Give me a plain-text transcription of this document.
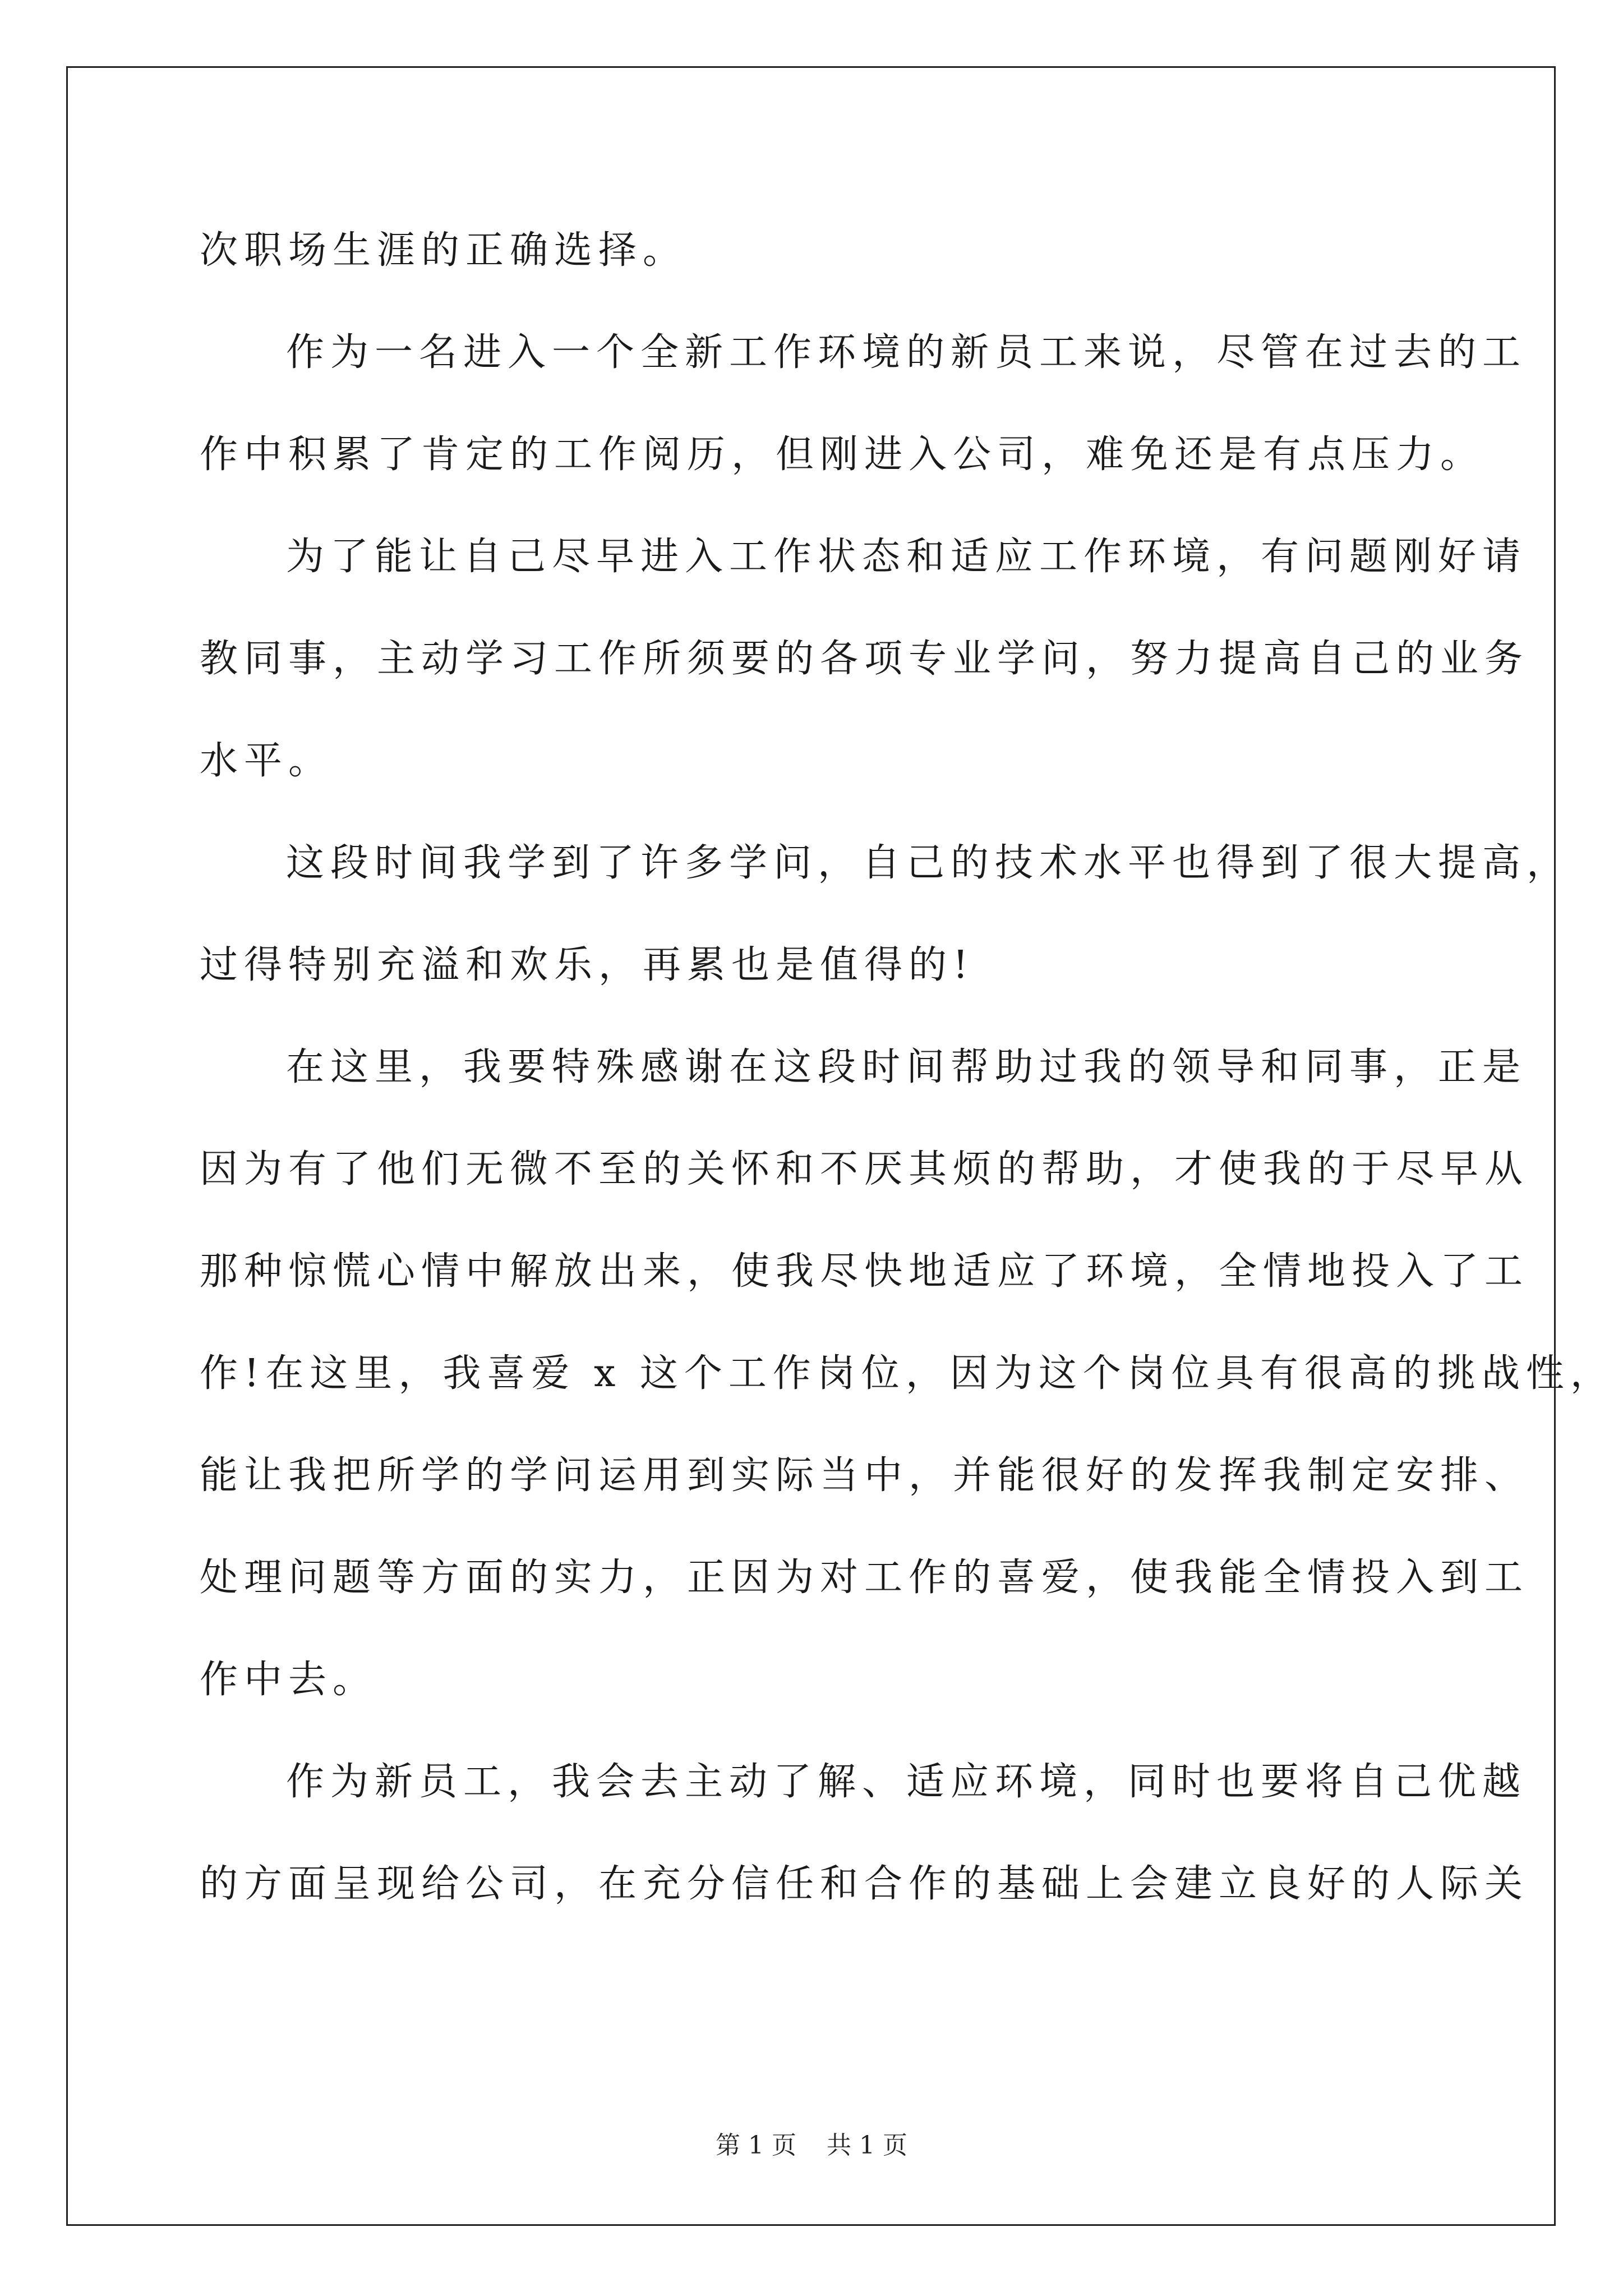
次职场生涯的正确选择。
作为一名进入一个全新工作环境的新员工来说，尽管在过去的工
作中积累了肯定的工作阅历，但刚进入公司，难免还是有点压力。
为了能让自己尽早进入工作状态和适应工作环境，有问题刚好请
教同事，主动学习工作所须要的各项专业学问，努力提高自己的业务
水平。
这段时间我学到了许多学问，自己的技术水平也得到了很大提高，
过得特别充溢和欢乐，再累也是值得的!
在这里，我要特殊感谢在这段时间帮助过我的领导和同事，正是
因为有了他们无微不至的关怀和不厌其烦的帮助，才使我的于尽早从
那种惊慌心情中解放出来，使我尽快地适应了环境，全情地投入了工
作!在这里，我喜爱 x 这个工作岗位，因为这个岗位具有很高的挑战性，
能让我把所学的学问运用到实际当中，并能很好的发挥我制定安排、
处理问题等方面的实力，正因为对工作的喜爱，使我能全情投入到工
作中去。
作为新员工，我会去主动了解、适应环境，同时也要将自己优越
的方面呈现给公司，在充分信任和合作的基础上会建立良好的人际关
第 1 页 共 1 页
